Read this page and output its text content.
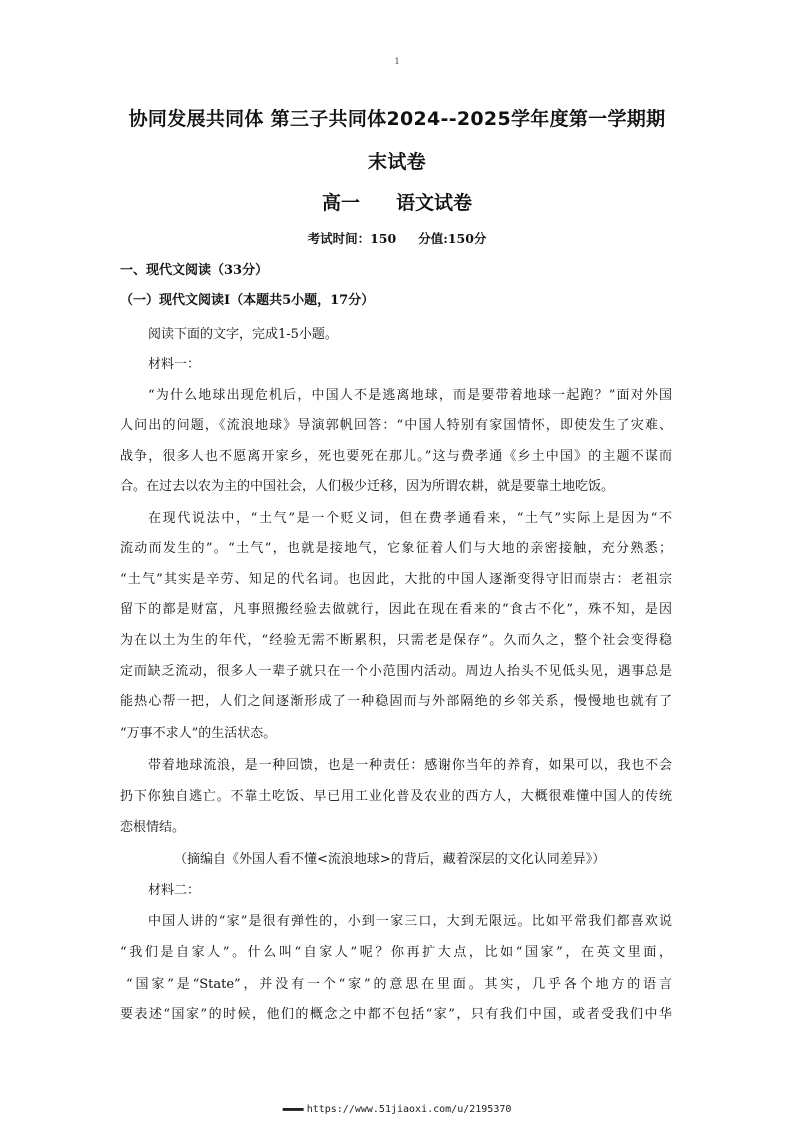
1
协同发展共同体 第三子共同体2024--2025学年度第一学期期
末试卷
高一 语文试卷
考试时间：150 分值:150分
一、现代文阅读（33分）
（一）现代文阅读Ⅰ（本题共5小题，17分）
阅读下面的文字，完成1-5小题。
材料一：
“为什么地球出现危机后，中国人不是逃离地球，而是要带着地球一起跑？”面对外国
人问出的问题，《流浪地球》导演郭帆回答：“中国人特别有家国情怀，即使发生了灾难、
战争，很多人也不愿离开家乡，死也要死在那儿。”这与费孝通《乡土中国》的主题不谋而
合。在过去以农为主的中国社会，人们极少迁移，因为所谓农耕，就是要靠土地吃饭。
在现代说法中，“土气”是一个贬义词，但在费孝通看来，“土气”实际上是因为“不
流动而发生的”。“土气”，也就是接地气，它象征着人们与大地的亲密接触，充分熟悉；
“土气”其实是辛劳、知足的代名词。也因此，大批的中国人逐渐变得守旧而崇古：老祖宗
留下的都是财富，凡事照搬经验去做就行，因此在现在看来的“食古不化”，殊不知，是因
为在以土为生的年代，“经验无需不断累积，只需老是保存”。久而久之，整个社会变得稳
定而缺乏流动，很多人一辈子就只在一个小范围内活动。周边人抬头不见低头见，遇事总是
能热心帮一把，人们之间逐渐形成了一种稳固而与外部隔绝的乡邻关系，慢慢地也就有了
“万事不求人”的生活状态。
带着地球流浪，是一种回馈，也是一种责任：感谢你当年的养育，如果可以，我也不会
扔下你独自逃亡。不靠土吃饭、早已用工业化普及农业的西方人，大概很难懂中国人的传统
恋根情结。
（摘编自《外国人看不懂<流浪地球>的背后，藏着深层的文化认同差异》）
材料二：
中国人讲的“家”是很有弹性的，小到一家三口，大到无限远。比如平常我们都喜欢说
“我们是自家人”。什么叫“自家人”呢？你再扩大点，比如“国家”，在英文里面，
“国家”是“State”，并没有一个“家”的意思在里面。其实，几乎各个地方的语言
要表述“国家”的时候，他们的概念之中都不包括“家”，只有我们中国，或者受我们中华
▬▬▬▬ https://www.51jiaoxi.com/u/2195370
